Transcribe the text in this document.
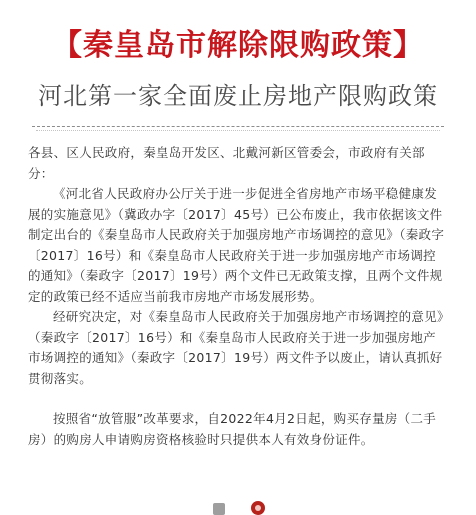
【秦皇岛市解除限购政策】
河北第一家全面废止房地产限购政策

各县、区人民政府，秦皇岛开发区、北戴河新区管委会，市政府有关部分：

《河北省人民政府办公厅关于进一步促进全省房地产市场平稳健康发展的实施意见》（冀政办字〔2017〕45号）已公布废止，我市依据该文件制定出台的《秦皇岛市人民政府关于加强房地产市场调控的意见》（秦政字〔2017〕16号）和《秦皇岛市人民政府关于进一步加强房地产市场调控的通知》（秦政字〔2017〕19号）两个文件已无政策支撑，且两个文件规定的政策已经不适应当前我市房地产市场发展形势。

经研究决定，对《秦皇岛市人民政府关于加强房地产市场调控的意见》（秦政字〔2017〕16号）和《秦皇岛市人民政府关于进一步加强房地产市场调控的通知》（秦政字〔2017〕19号）两文件予以废止，请认真抓好贯彻落实。

按照省“放管服”改革要求，自2022年4月2日起，购买存量房（二手房）的购房人申请购房资格核验时只提供本人有效身份证件。
